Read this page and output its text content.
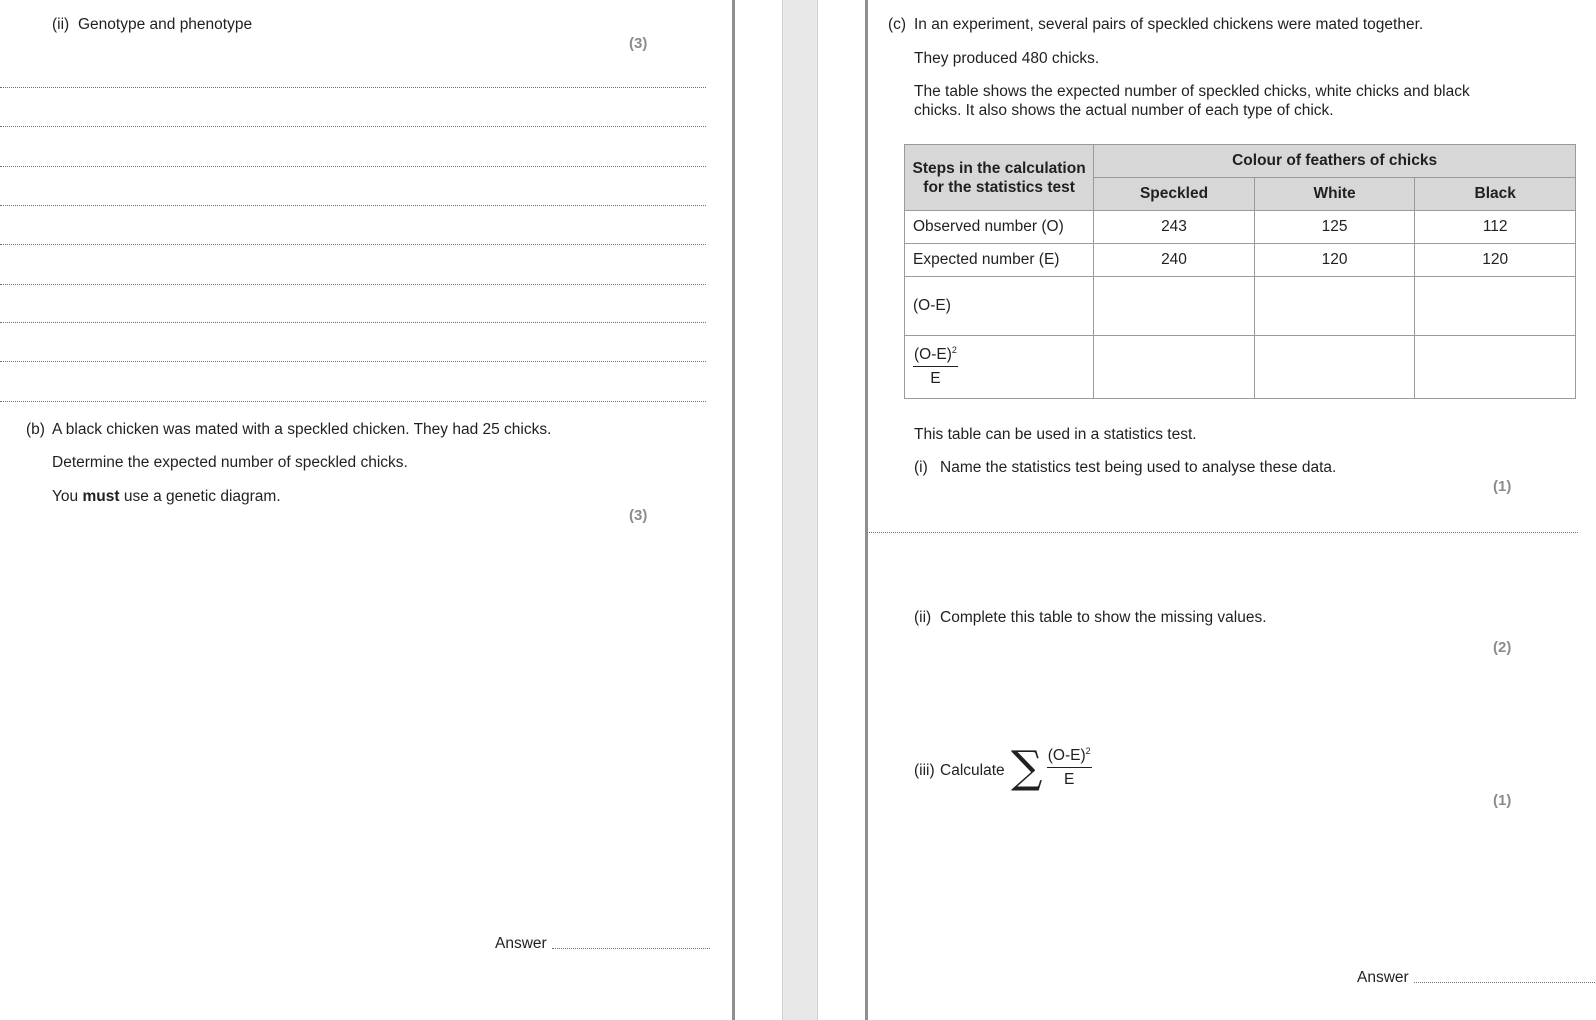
(ii) Genotype and phenotype
(3)
(b) A black chicken was mated with a speckled chicken. They had 25 chicks.
Determine the expected number of speckled chicks.
You must use a genetic diagram.
(3)
Answer
(c) In an experiment, several pairs of speckled chickens were mated together.
They produced 480 chicks.
The table shows the expected number of speckled chicks, white chicks and black
chicks. It also shows the actual number of each type of chick.
Steps in the calculation
for the statistics test	Colour of feathers of chicks		
	Speckled	White	Black
Observed number (O)	243	125	112
Expected number (E)	240	120	120
(O-E)			

$\frac{(O-E)^2}{E}$

This table can be used in a statistics test.
(i) Name the statistics test being used to analyse these data.
(1)
(ii) Complete this table to show the missing values.
(2)
(iii) Calculate ∑ $\frac{(O-E)^2}{E}$
(1)
Answer
